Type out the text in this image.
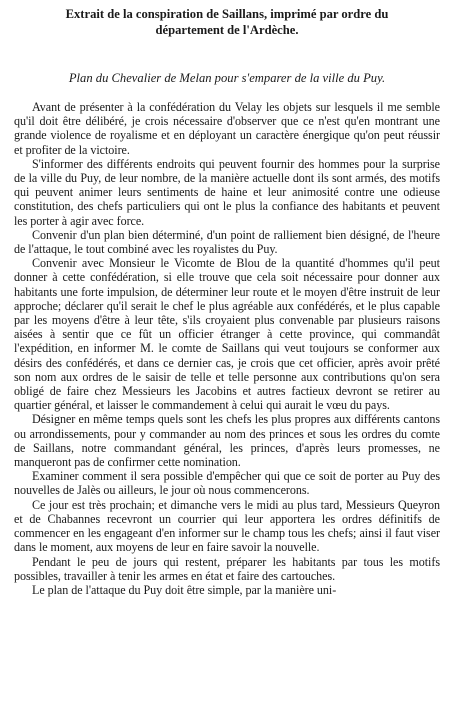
Extrait de la conspiration de Saillans, imprimé par ordre du
département de l'Ardèche.
Plan du Chevalier de Melan pour s'emparer de la ville du Puy.

Avant de présenter à la confédération du Velay les objets sur lesquels il me semble qu'il doit être délibéré, je crois nécessaire d'observer que ce n'est qu'en montrant une grande violence de royalisme et en déployant un caractère énergique qu'on peut réussir et profiter de la victoire.

S'informer des différents endroits qui peuvent fournir des hommes pour la surprise de la ville du Puy, de leur nombre, de la manière actuelle dont ils sont armés, des motifs qui peuvent animer leurs sentiments de haine et leur animosité contre une odieuse constitution, des chefs particuliers qui ont le plus la confiance des habitants et peuvent les porter à agir avec force.

Convenir d'un plan bien déterminé, d'un point de ralliement bien désigné, de l'heure de l'attaque, le tout combiné avec les royalistes du Puy.

Convenir avec Monsieur le Vicomte de Blou de la quantité d'hommes qu'il peut donner à cette confédération, si elle trouve que cela soit nécessaire pour donner aux habitants une forte impulsion, de déterminer leur route et le moyen d'être instruit de leur approche; déclarer qu'il serait le chef le plus agréable aux confédérés, et le plus capable par les moyens d'être à leur tête, s'ils croyaient plus convenable par plusieurs raisons aisées à sentir que ce fût un officier étranger à cette province, qui commandât l'expédition, en informer M. le comte de Saillans qui veut toujours se conformer aux désirs des confédérés, et dans ce dernier cas, je crois que cet officier, après avoir prêté son nom aux ordres de le saisir de telle et telle personne aux contributions qu'on sera obligé de faire chez Messieurs les Jacobins et autres factieux devront se retirer au quartier général, et laisser le commandement à celui qui aurait le vœu du pays.

Désigner en même temps quels sont les chefs les plus propres aux différents cantons ou arrondissements, pour y commander au nom des princes et sous les ordres du comte de Saillans, notre commandant général, les princes, d'après leurs promesses, ne manqueront pas de confirmer cette nomination.

Examiner comment il sera possible d'empêcher qui que ce soit de porter au Puy des nouvelles de Jalès ou ailleurs, le jour où nous commencerons.

Ce jour est très prochain; et dimanche vers le midi au plus tard, Messieurs Queyron et de Chabannes recevront un courrier qui leur apportera les ordres définitifs de commencer en les engageant d'en informer sur le champ tous les chefs; ainsi il faut viser dans le moment, aux moyens de leur en faire savoir la nouvelle.

Pendant le peu de jours qui restent, préparer les habitants par tous les motifs possibles, travailler à tenir les armes en état et faire des cartouches.

Le plan de l'attaque du Puy doit être simple, par la manière uni-
